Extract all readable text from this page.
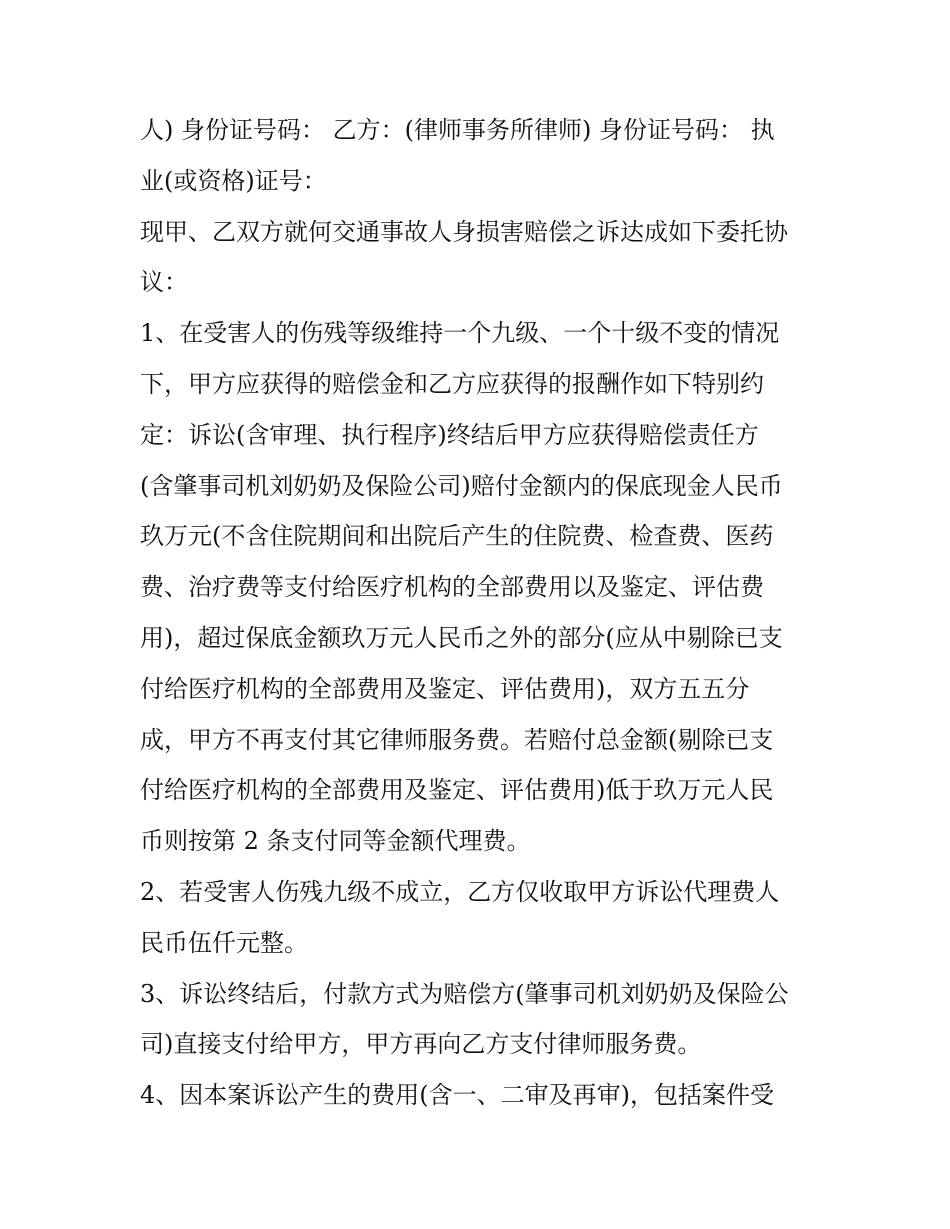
人) 身份证号码： 乙方：(律师事务所律师) 身份证号码： 执
业(或资格)证号：
现甲、乙双方就何交通事故人身损害赔偿之诉达成如下委托协
议：
1、在受害人的伤残等级维持一个九级、一个十级不变的情况
下，甲方应获得的赔偿金和乙方应获得的报酬作如下特别约
定：诉讼(含审理、执行程序)终结后甲方应获得赔偿责任方
(含肇事司机刘奶奶及保险公司)赔付金额内的保底现金人民币
玖万元(不含住院期间和出院后产生的住院费、检查费、医药
费、治疗费等支付给医疗机构的全部费用以及鉴定、评估费
用)，超过保底金额玖万元人民币之外的部分(应从中剔除已支
付给医疗机构的全部费用及鉴定、评估费用)，双方五五分
成，甲方不再支付其它律师服务费。若赔付总金额(剔除已支
付给医疗机构的全部费用及鉴定、评估费用)低于玖万元人民
币则按第 2 条支付同等金额代理费。
2、若受害人伤残九级不成立，乙方仅收取甲方诉讼代理费人
民币伍仟元整。
3、诉讼终结后，付款方式为赔偿方(肇事司机刘奶奶及保险公
司)直接支付给甲方，甲方再向乙方支付律师服务费。
4、因本案诉讼产生的费用(含一、二审及再审)，包括案件受
